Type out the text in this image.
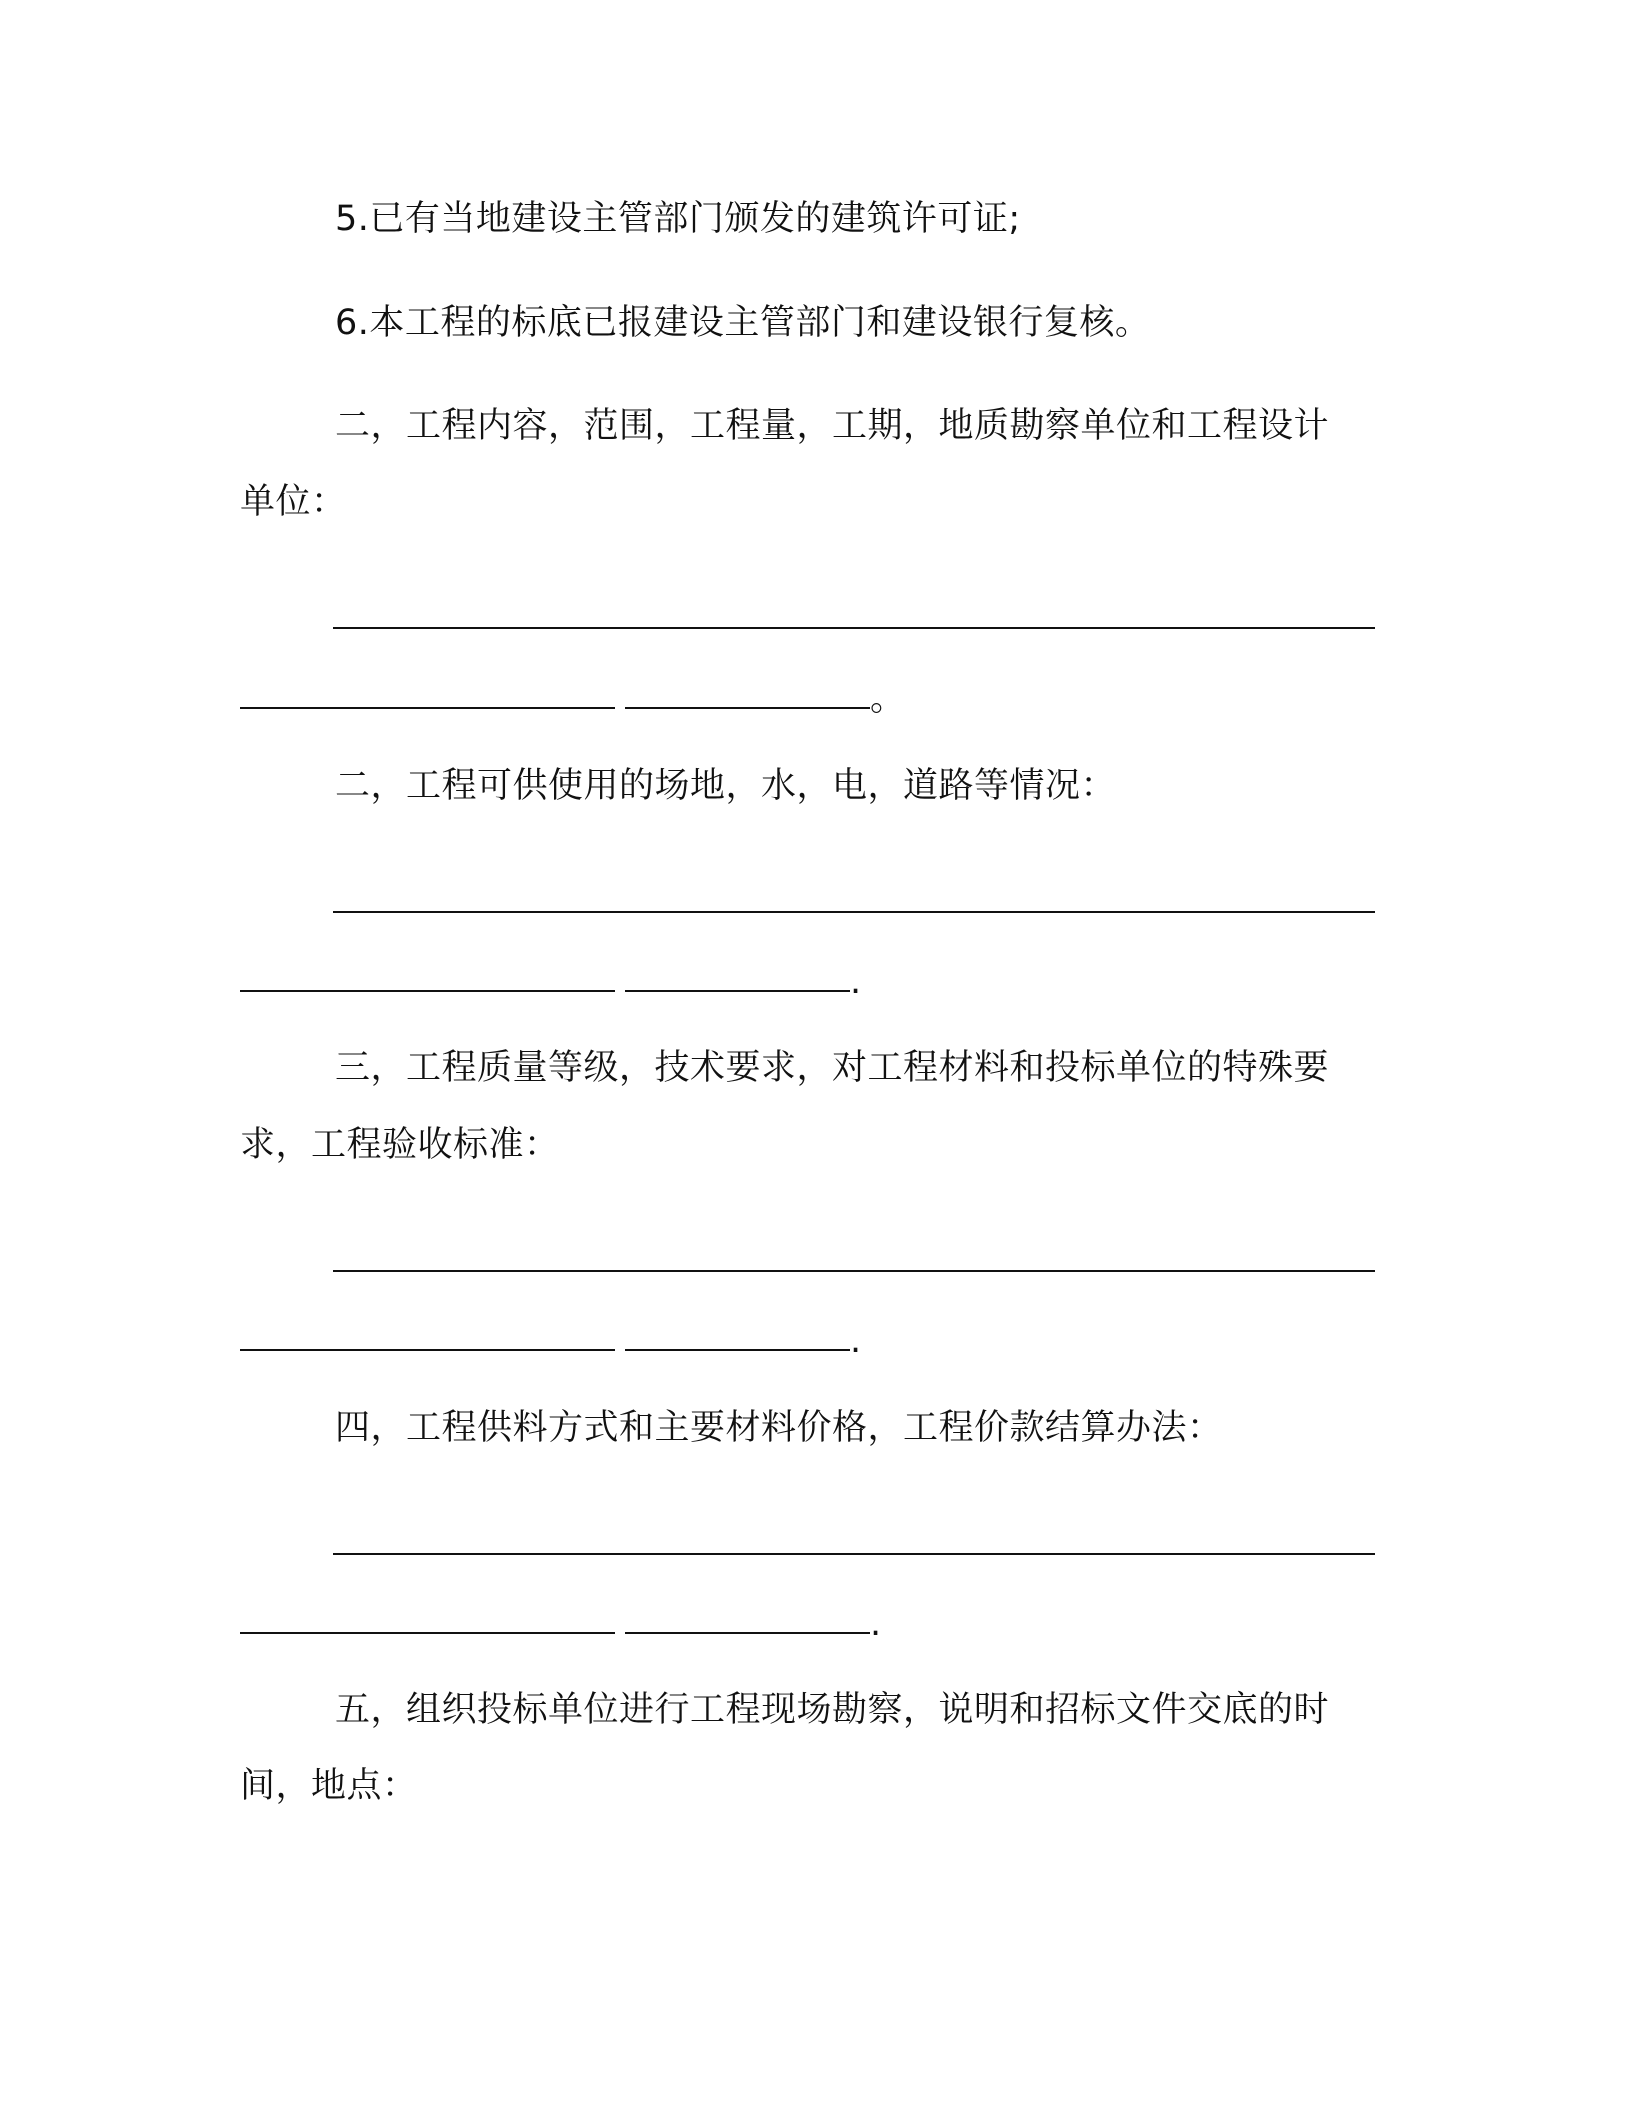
5.已有当地建设主管部门颁发的建筑许可证;
6.本工程的标底已报建设主管部门和建设银行复核。
二，工程内容，范围，工程量，工期，地质勘察单位和工程设计
单位：
。
二，工程可供使用的场地，水，电，道路等情况：
.
三，工程质量等级，技术要求，对工程材料和投标单位的特殊要
求，工程验收标准：
.
四，工程供料方式和主要材料价格，工程价款结算办法：
.
五，组织投标单位进行工程现场勘察，说明和招标文件交底的时
间，地点：
